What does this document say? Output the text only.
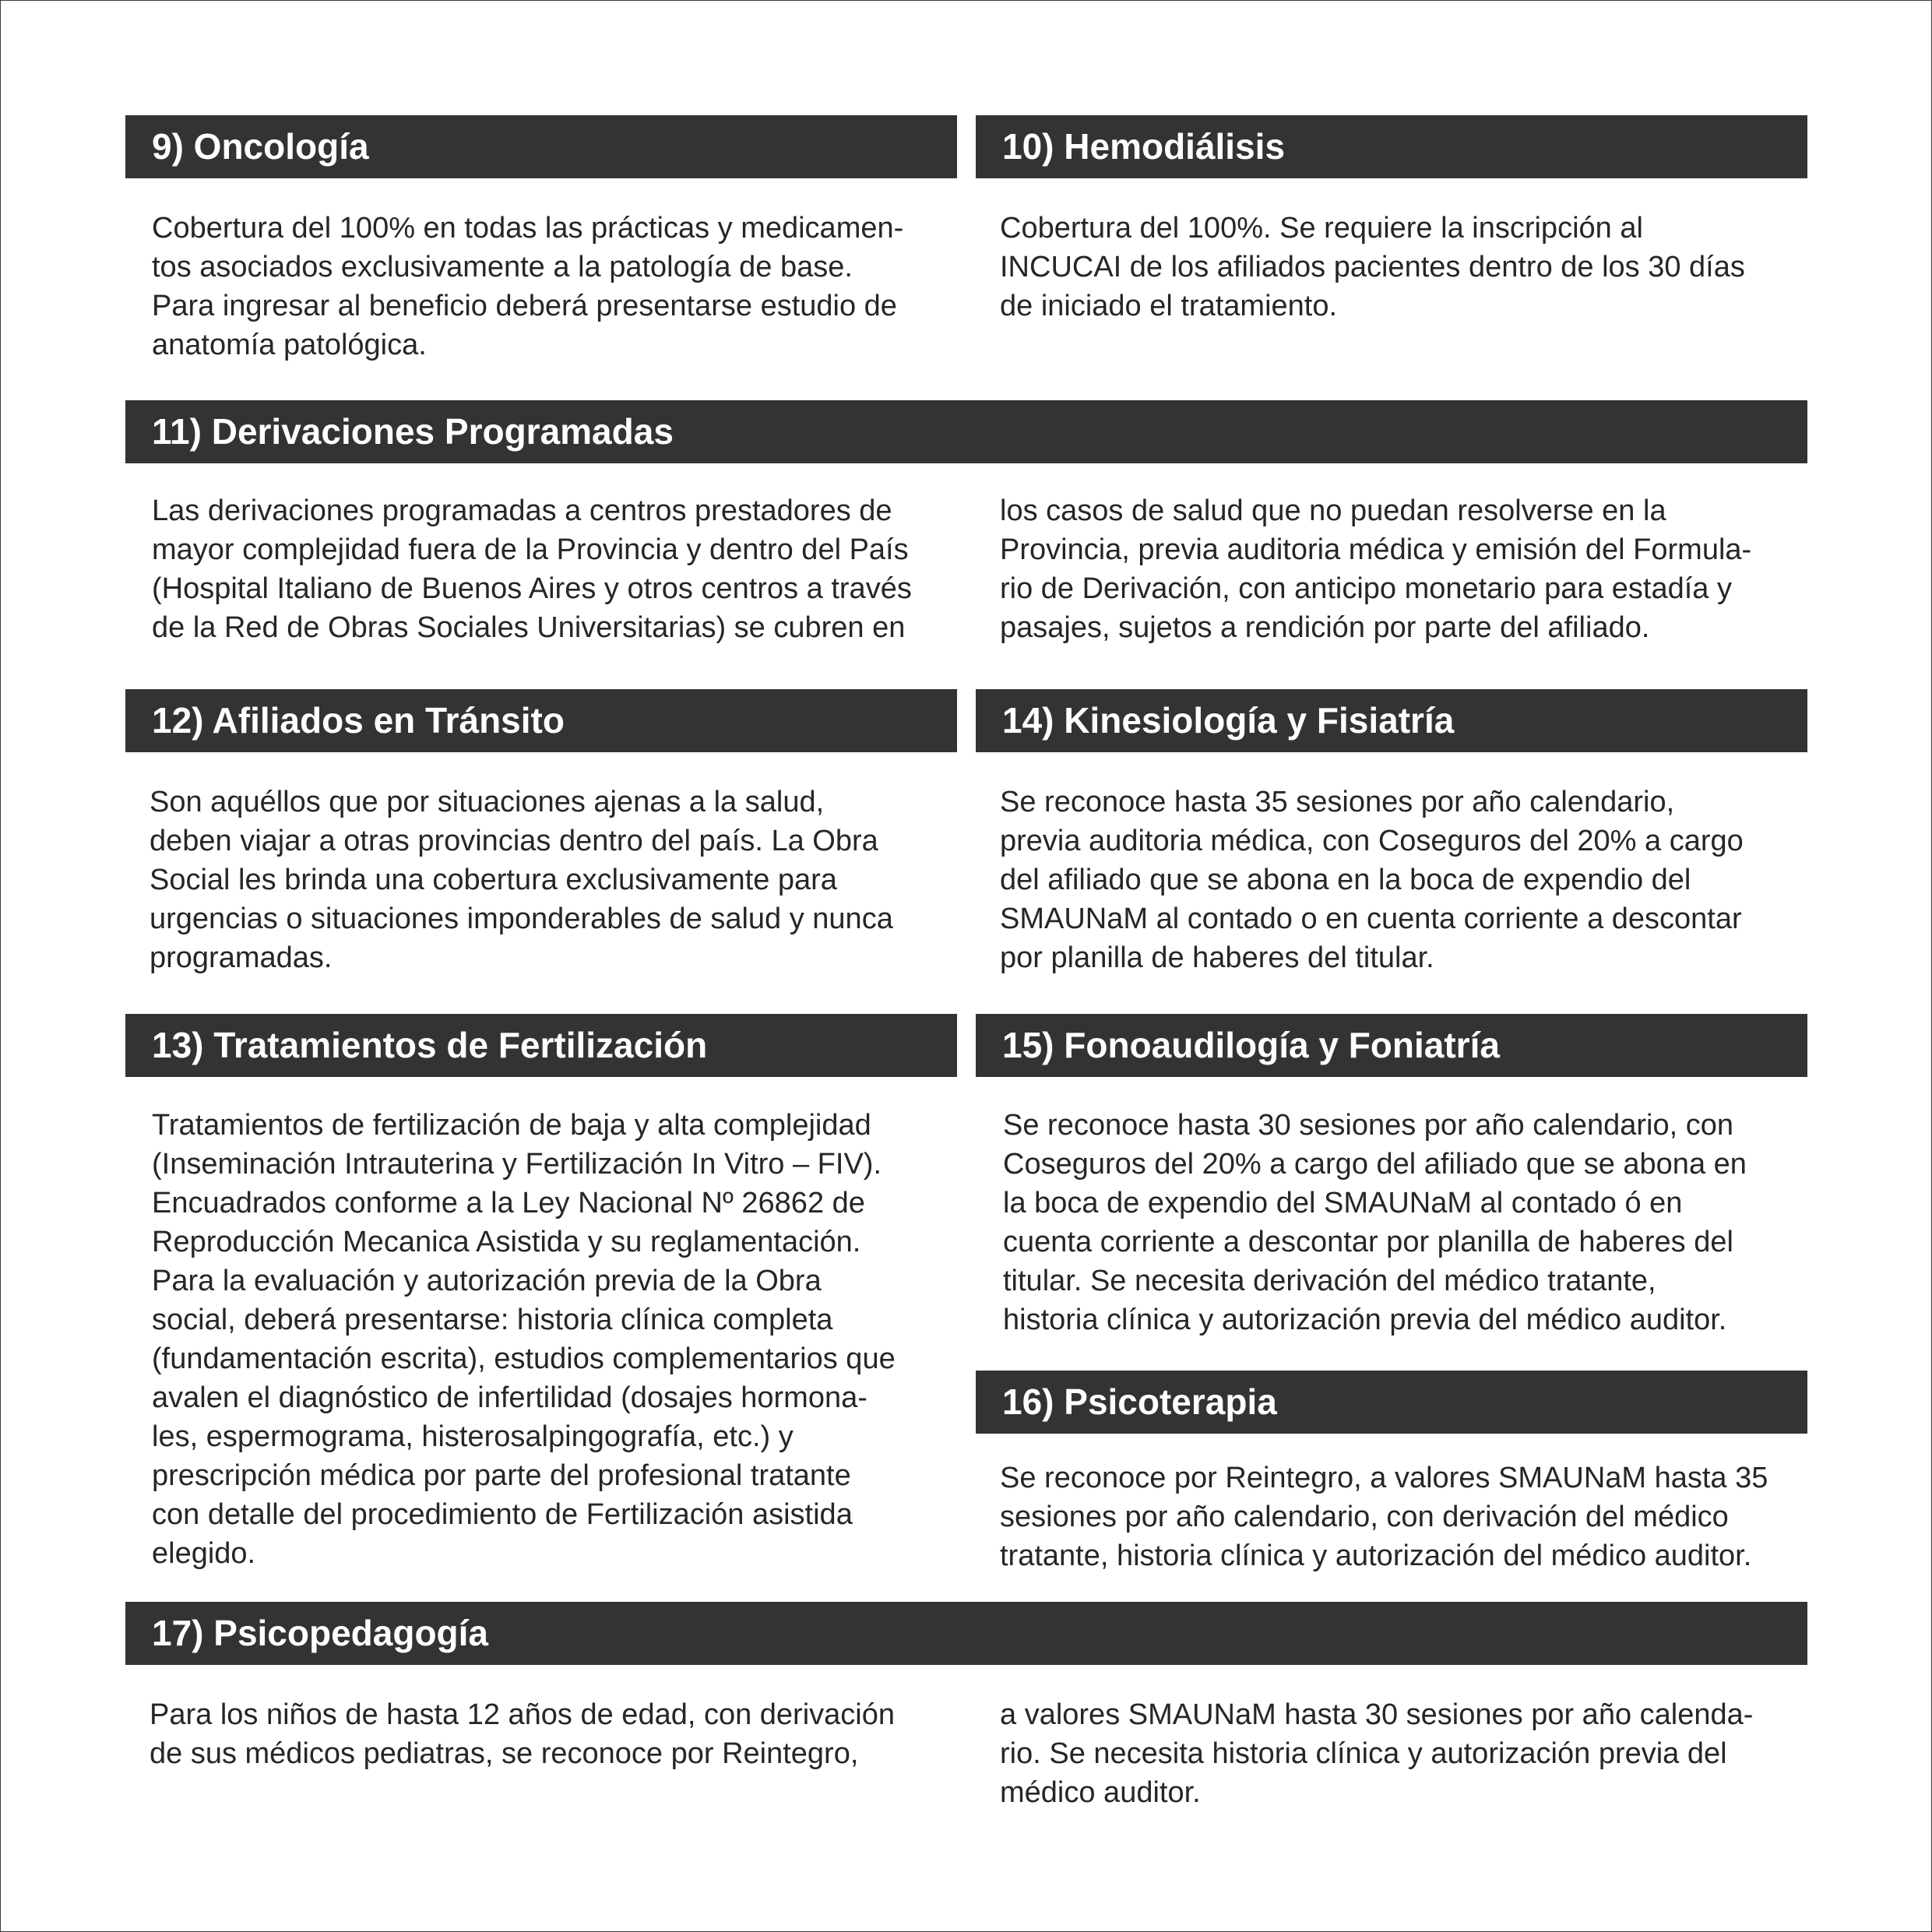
9) Oncología
Cobertura del 100% en todas las prácticas y medicamen-
tos asociados exclusivamente a la patología de base.
Para ingresar al beneficio deberá presentarse estudio de
anatomía patológica.
10) Hemodiálisis
Cobertura del 100%. Se requiere la inscripción al
INCUCAI de los afiliados pacientes dentro de los 30 días
de iniciado el tratamiento.
11) Derivaciones Programadas
Las derivaciones programadas a centros prestadores de
mayor complejidad fuera de la Provincia y dentro del País
(Hospital Italiano de Buenos Aires y otros centros a través
de la Red de Obras Sociales Universitarias) se cubren en
los casos de salud que no puedan resolverse en la
Provincia, previa auditoria médica y emisión del Formula-
rio de Derivación, con anticipo monetario para estadía y
pasajes, sujetos a rendición por parte del afiliado.
12) Afiliados en Tránsito
Son aquéllos que por situaciones ajenas a la salud,
deben viajar a otras provincias dentro del país. La Obra
Social les brinda una cobertura exclusivamente para
urgencias o situaciones imponderables de salud y nunca
programadas.
14) Kinesiología y Fisiatría
Se reconoce hasta 35 sesiones por año calendario,
previa auditoria médica, con Coseguros del 20% a cargo
del afiliado que se abona en la boca de expendio del
SMAUNaM al contado o en cuenta corriente a descontar
por planilla de haberes del titular.
13) Tratamientos de Fertilización
Tratamientos de fertilización de baja y alta complejidad
(Inseminación Intrauterina y Fertilización In Vitro – FIV).
Encuadrados conforme a la Ley Nacional Nº 26862 de
Reproducción Mecanica Asistida y su reglamentación.
Para la evaluación y autorización previa de la Obra
social, deberá presentarse: historia clínica completa
(fundamentación escrita), estudios complementarios que
avalen el diagnóstico de infertilidad (dosajes hormona-
les, espermograma, histerosalpingografía, etc.) y
prescripción médica por parte del profesional tratante
con detalle del procedimiento de Fertilización asistida
elegido.
15) Fonoaudilogía y Foniatría
Se reconoce hasta 30 sesiones por año calendario, con
Coseguros del 20% a cargo del afiliado que se abona en
la boca de expendio del SMAUNaM al contado ó en
cuenta corriente a descontar por planilla de haberes del
titular. Se necesita derivación del médico tratante,
historia clínica y autorización previa del médico auditor.
16) Psicoterapia
Se reconoce por Reintegro, a valores SMAUNaM hasta 35
sesiones por año calendario, con derivación del médico
tratante, historia clínica y autorización del médico auditor.
17) Psicopedagogía
Para los niños de hasta 12 años de edad, con derivación
de sus médicos pediatras, se reconoce por Reintegro,
a valores SMAUNaM hasta 30 sesiones por año calenda-
rio. Se necesita historia clínica y autorización previa del
médico auditor.
